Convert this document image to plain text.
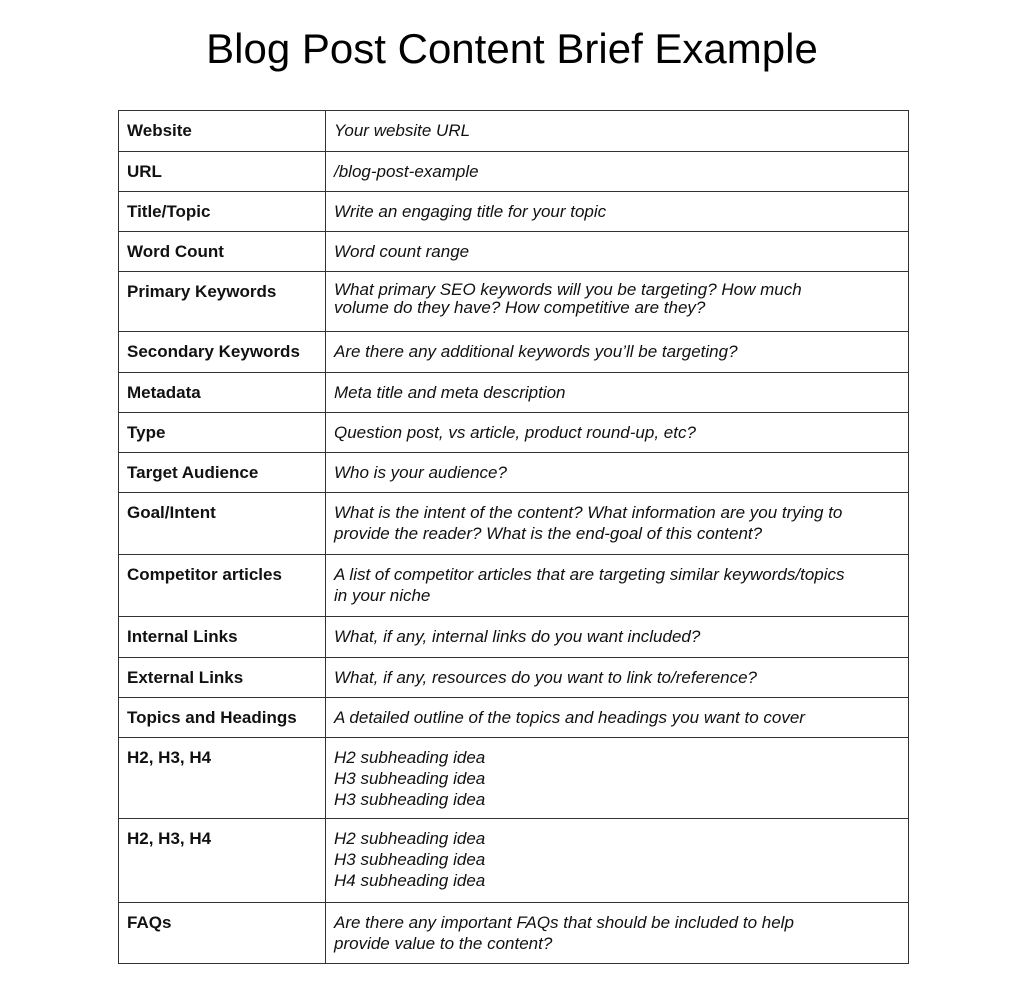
Blog Post Content Brief Example
Website	Your website URL

URL	/blog-post-example

Title/Topic	Write an engaging title for your topic

Word Count	Word count range

Primary Keywords	What primary SEO keywords will you be targeting? How much
volume do they have? How competitive are they?

Secondary Keywords	Are there any additional keywords you’ll be targeting?

Metadata	Meta title and meta description

Type	Question post, vs article, product round-up, etc?

Target Audience	Who is your audience?

Goal/Intent	What is the intent of the content? What information are you trying to
provide the reader? What is the end-goal of this content?

Competitor articles	A list of competitor articles that are targeting similar keywords/topics
in your niche

Internal Links	What, if any, internal links do you want included?

External Links	What, if any, resources do you want to link to/reference?

Topics and Headings	A detailed outline of the topics and headings you want to cover

H2, H3, H4	H2 subheading idea
H3 subheading idea
H3 subheading idea

H2, H3, H4	H2 subheading idea
H3 subheading idea
H4 subheading idea

FAQs	Are there any important FAQs that should be included to help
provide value to the content?
